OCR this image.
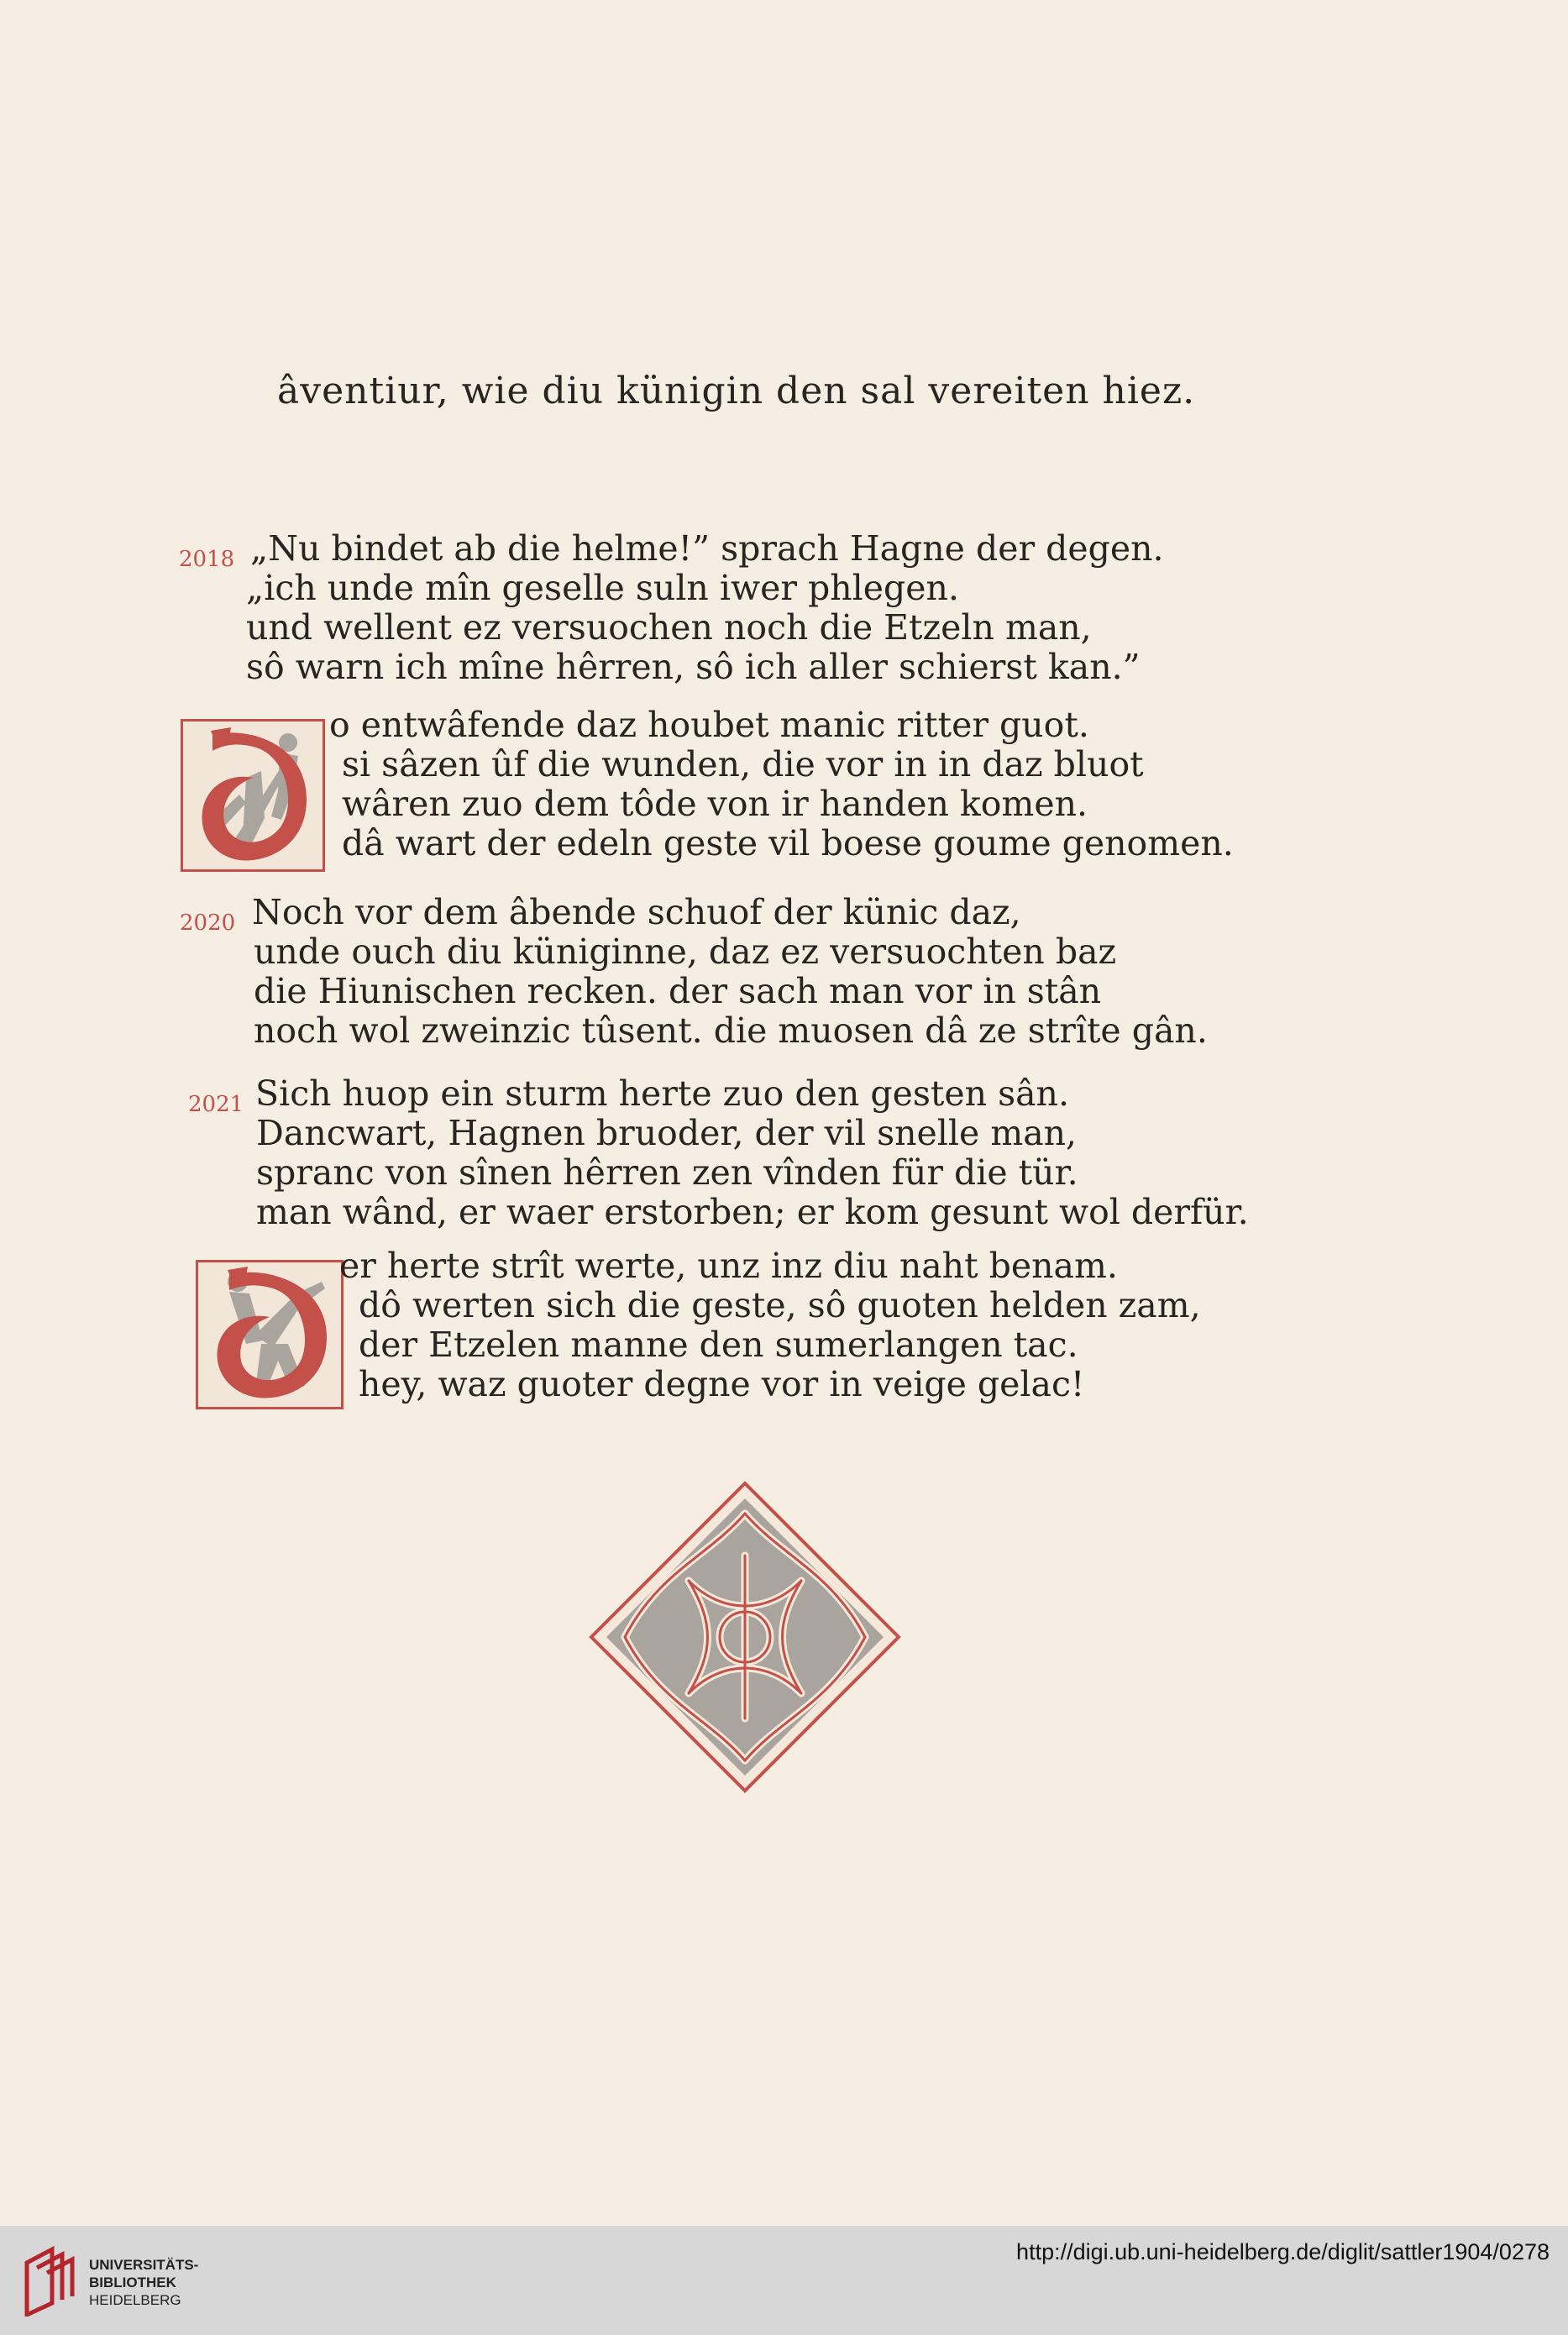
âventiur, wie diu künigin den sal vereiten hiez.
2018 „Nu bindet ab die helme!” sprach Hagne der degen.
„ich unde mîn geselle suln iwer phlegen.
und wellent ez versuochen noch die Etzeln man,
sô warn ich mîne hêrren, sô ich aller schierst kan.”
o entwâfende daz houbet manic ritter guot.
si sâzen ûf die wunden, die vor in in daz bluot
wâren zuo dem tôde von ir handen komen.
dâ wart der edeln geste vil boese goume genomen.
2020 Noch vor dem âbende schuof der künic daz,
unde ouch diu küniginne, daz ez versuochten baz
die Hiunischen recken. der sach man vor in stân
noch wol zweinzic tûsent. die muosen dâ ze strîte gân.
2021 Sich huop ein sturm herte zuo den gesten sân.
Dancwart, Hagnen bruoder, der vil snelle man,
spranc von sînen hêrren zen vînden für die tür.
man wând, er waer erstorben; er kom gesunt wol derfür.
er herte strît werte, unz inz diu naht benam.
dô werten sich die geste, sô guoten helden zam,
der Etzelen manne den sumerlangen tac.
hey, waz guoter degne vor in veige gelac!
UNIVERSITÄTS-
BIBLIOTHEK
HEIDELBERG
http://digi.ub.uni-heidelberg.de/diglit/sattler1904/0278
